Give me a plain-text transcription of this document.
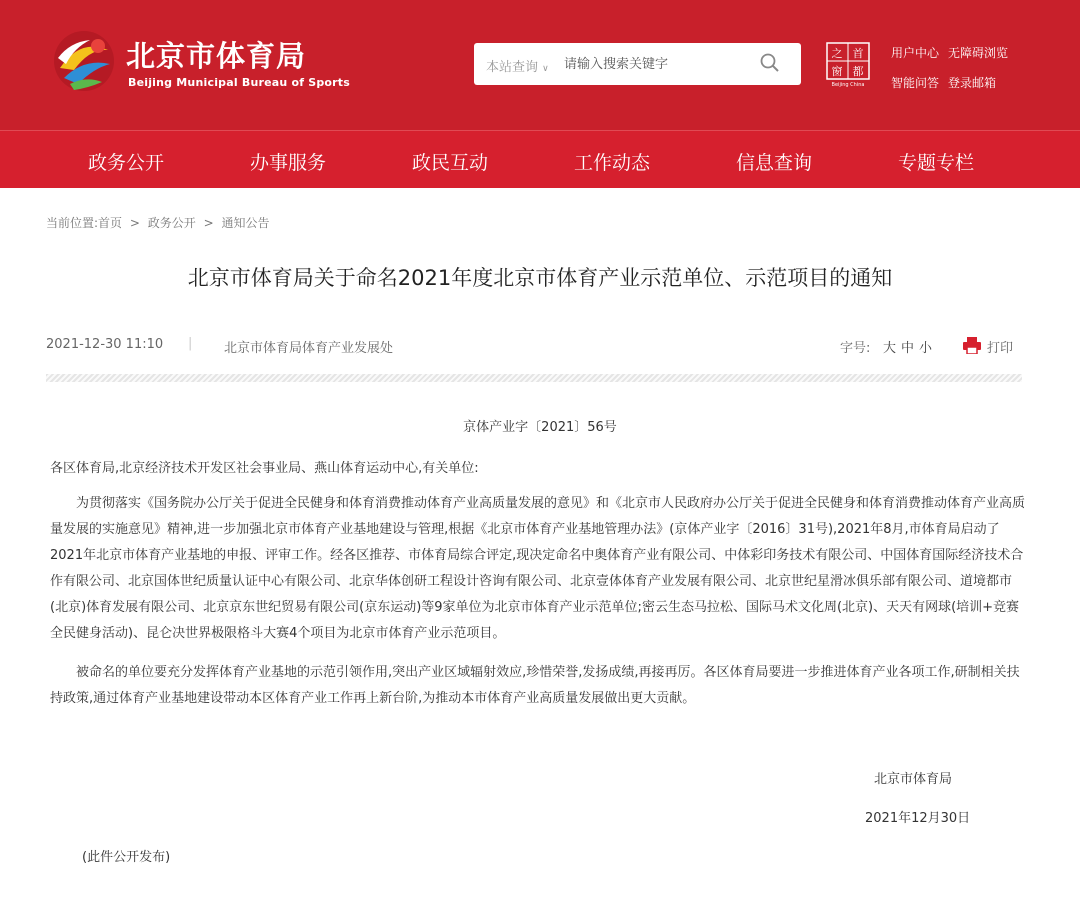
北京市体育局
Beijing Municipal Bureau of Sports
本站查询 ∨
请输入搜索关键字
首
之
都
窗
Beijing China
用户中心 无障碍浏览
智能问答 登录邮箱
政务公开	办事服务	政民互动	工作动态	信息查询	专题专栏
当前位置:首页 > 政务公开 > 通知公告
北京市体育局关于命名2021年度北京市体育产业示范单位、示范项目的通知
2021-12-30 11:10 | 北京市体育局体育产业发展处	字号: 大 中 小	打印
京体产业字〔2021〕56号
各区体育局,北京经济技术开发区社会事业局、燕山体育运动中心,有关单位:
为贯彻落实《国务院办公厅关于促进全民健身和体育消费推动体育产业高质量发展的意见》和《北京市人民政府办公厅关于促进全民健身和体育消费推动体育产业高质量发展的实施意见》精神,进一步加强北京市体育产业基地建设与管理,根据《北京市体育产业基地管理办法》(京体产业字〔2016〕31号),2021年8月,市体育局启动了2021年北京市体育产业基地的申报、评审工作。经各区推荐、市体育局综合评定,现决定命名中奥体育产业有限公司、中体彩印务技术有限公司、中国体育国际经济技术合作有限公司、北京国体世纪质量认证中心有限公司、北京华体创研工程设计咨询有限公司、北京壹体体育产业发展有限公司、北京世纪星滑冰俱乐部有限公司、道境都市(北京)体育发展有限公司、北京京东世纪贸易有限公司(京东运动)等9家单位为北京市体育产业示范单位;密云生态马拉松、国际马术文化周(北京)、天天有网球(培训+竞赛全民健身活动)、昆仑决世界极限格斗大赛4个项目为北京市体育产业示范项目。
被命名的单位要充分发挥体育产业基地的示范引领作用,突出产业区域辐射效应,珍惜荣誉,发扬成绩,再接再厉。各区体育局要进一步推进体育产业各项工作,研制相关扶持政策,通过体育产业基地建设带动本区体育产业工作再上新台阶,为推动本市体育产业高质量发展做出更大贡献。
北京市体育局
2021年12月30日
(此件公开发布)
